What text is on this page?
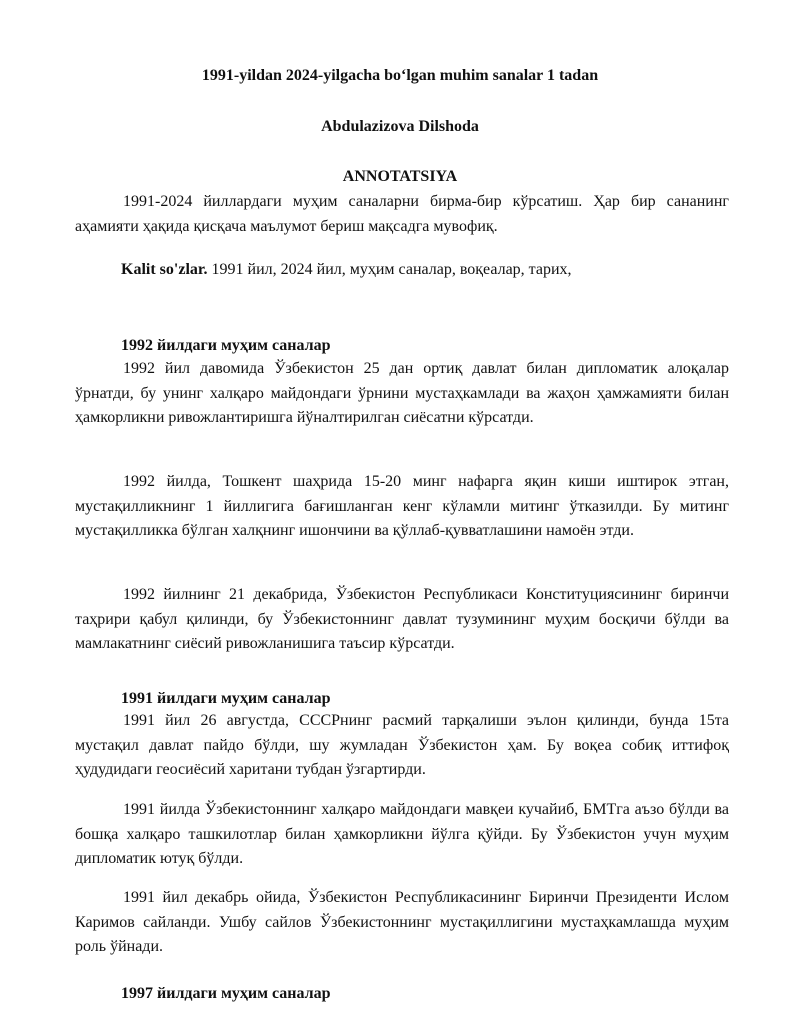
1991-yildan 2024-yilgacha bo‘lgan muhim sanalar 1 tadan
Abdulazizova Dilshoda
ANNOTATSIYA

1991-2024 йиллардаги муҳим саналарни бирма-бир кўрсатиш. Ҳар бир сананинг аҳамияти ҳақида қисқача маълумот бериш мақсадга мувофиқ.

Kalit so'zlar. 1991 йил, 2024 йил, муҳим саналар, воқеалар, тарих,
1992 йилдаги муҳим саналар

1992 йил давомида Ўзбекистон 25 дан ортиқ давлат билан дипломатик алоқалар ўрнатди, бу унинг халқаро майдондаги ўрнини мустаҳкамлади ва жаҳон ҳамжамияти билан ҳамкорликни ривожлантиришга йўналтирилган сиёсатни кўрсатди.

1992 йилда, Тошкент шаҳрида 15-20 минг нафарга яқин киши иштирок этган, мустақилликнинг 1 йиллигига бағишланган кенг кўламли митинг ўтказилди. Бу митинг мустақилликка бўлган халқнинг ишончини ва қўллаб-қувватлашини намоён этди.

1992 йилнинг 21 декабрида, Ўзбекистон Республикаси Конституциясининг биринчи таҳрири қабул қилинди, бу Ўзбекистоннинг давлат тузумининг муҳим босқичи бўлди ва мамлакатнинг сиёсий ривожланишига таъсир кўрсатди.

1991 йилдаги муҳим саналар

1991 йил 26 августда, СССРнинг расмий тарқалиши эълон қилинди, бунда 15та мустақил давлат пайдо бўлди, шу жумладан Ўзбекистон ҳам. Бу воқеа собиқ иттифоқ ҳудудидаги геосиёсий харитани тубдан ўзгартирди.

1991 йилда Ўзбекистоннинг халқаро майдондаги мавқеи кучайиб, БМТга аъзо бўлди ва бошқа халқаро ташкилотлар билан ҳамкорликни йўлга қўйди. Бу Ўзбекистон учун муҳим дипломатик ютуқ бўлди.

1991 йил декабрь ойида, Ўзбекистон Республикасининг Биринчи Президенти Ислом Каримов сайланди. Ушбу сайлов Ўзбекистоннинг мустақиллигини мустаҳкамлашда муҳим роль ўйнади.

1997 йилдаги муҳим саналар
